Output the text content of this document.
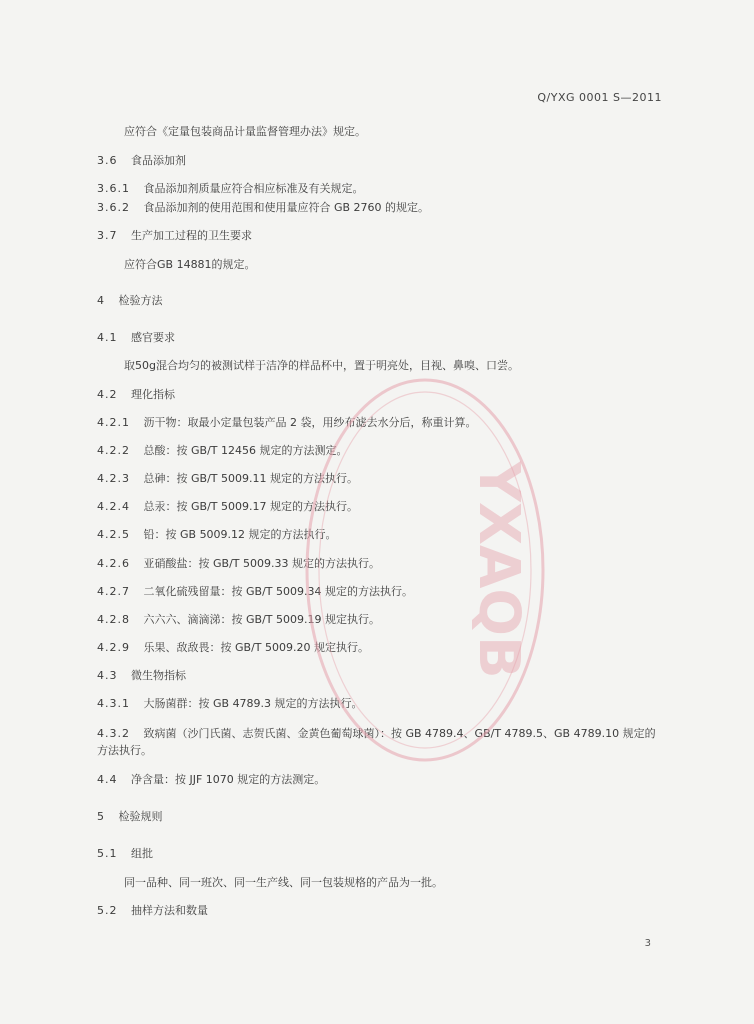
Q/YXG 0001 S—2011
应符合《定量包装商品计量监督管理办法》规定。
3.6 食品添加剂
3.6.1 食品添加剂质量应符合相应标准及有关规定。
3.6.2 食品添加剂的使用范围和使用量应符合 GB 2760 的规定。
3.7 生产加工过程的卫生要求
应符合GB 14881的规定。
4 检验方法
4.1 感官要求
取50g混合均匀的被测试样于洁净的样品杯中，置于明亮处，目视、鼻嗅、口尝。
4.2 理化指标
4.2.1 沥干物：取最小定量包装产品 2 袋，用纱布滤去水分后，称重计算。
4.2.2 总酸：按 GB/T 12456 规定的方法测定。
4.2.3 总砷：按 GB/T 5009.11 规定的方法执行。
4.2.4 总汞：按 GB/T 5009.17 规定的方法执行。
4.2.5 铅：按 GB 5009.12 规定的方法执行。
4.2.6 亚硝酸盐：按 GB/T 5009.33 规定的方法执行。
4.2.7 二氧化硫残留量：按 GB/T 5009.34 规定的方法执行。
4.2.8 六六六、滴滴涕：按 GB/T 5009.19 规定执行。
4.2.9 乐果、敌敌畏：按 GB/T 5009.20 规定执行。
4.3 微生物指标
4.3.1 大肠菌群：按 GB 4789.3 规定的方法执行。
4.3.2 致病菌（沙门氏菌、志贺氏菌、金黄色葡萄球菌）：按 GB 4789.4、GB/T 4789.5、GB 4789.10 规定的方法执行。
4.4 净含量：按 JJF 1070 规定的方法测定。
5 检验规则
5.1 组批
同一品种、同一班次、同一生产线、同一包装规格的产品为一批。
5.2 抽样方法和数量
3
YXAQB
